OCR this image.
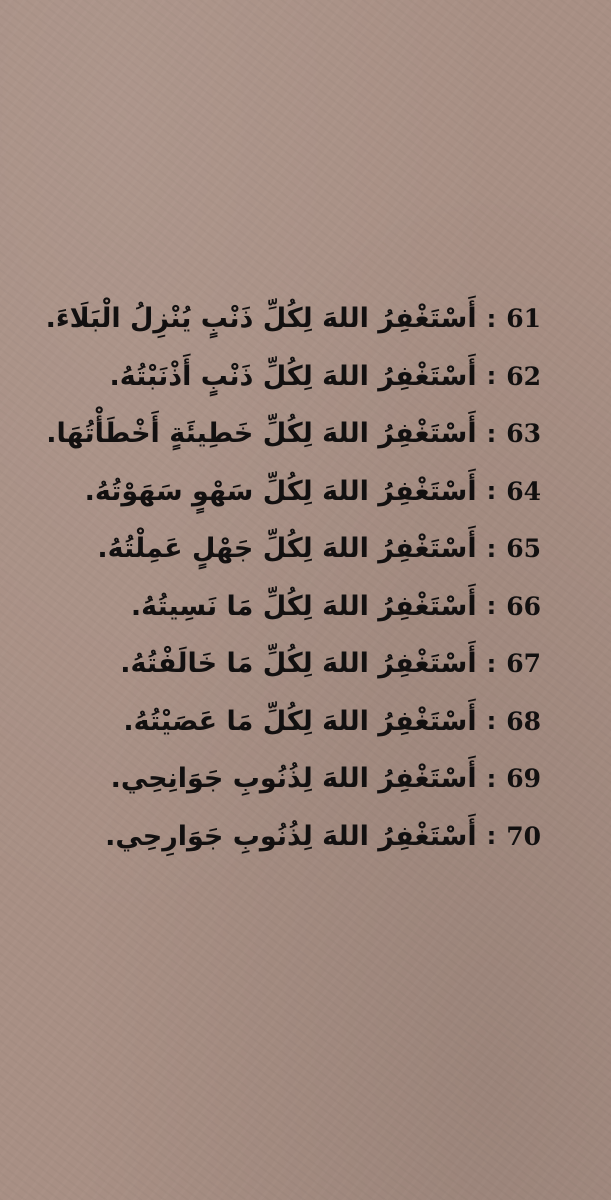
أَسْتَغْفِرُ اللهَ لِكُلِّ ذَنْبٍ يُنْزِلُ الْبَلَاءَ. : 61
أَسْتَغْفِرُ اللهَ لِكُلِّ ذَنْبٍ أَذْنَبْتُهُ. : 62
أَسْتَغْفِرُ اللهَ لِكُلِّ خَطِيئَةٍ أَخْطَأْتُهَا. : 63
أَسْتَغْفِرُ اللهَ لِكُلِّ سَهْوٍ سَهَوْتُهُ. : 64
أَسْتَغْفِرُ اللهَ لِكُلِّ جَهْلٍ عَمِلْتُهُ. : 65
أَسْتَغْفِرُ اللهَ لِكُلِّ مَا نَسِيتُهُ. : 66
أَسْتَغْفِرُ اللهَ لِكُلِّ مَا خَالَفْتُهُ. : 67
أَسْتَغْفِرُ اللهَ لِكُلِّ مَا عَصَيْتُهُ. : 68
أَسْتَغْفِرُ اللهَ لِذُنُوبِ جَوَانِحِي. : 69
أَسْتَغْفِرُ اللهَ لِذُنُوبِ جَوَارِحِي. : 70
